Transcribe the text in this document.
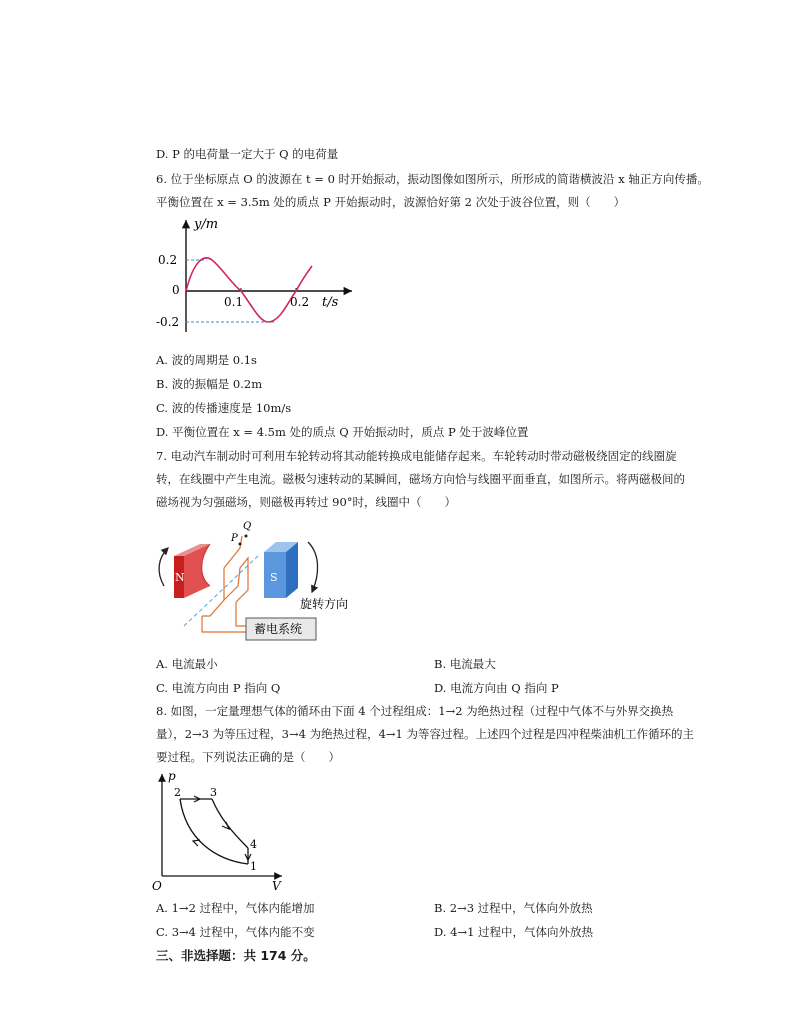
D. P 的电荷量一定大于 Q 的电荷量
6. 位于坐标原点 O 的波源在 t = 0 时开始振动，振动图像如图所示，所形成的简谐横波沿 x 轴正方向传播。
平衡位置在 x = 3.5m 处的质点 P 开始振动时，波源恰好第 2 次处于波谷位置，则（　　）
y/m
0.2
0
-0.2
0.1	0.2 t/s
A. 波的周期是 0.1s
B. 波的振幅是 0.2m
C. 波的传播速度是 10m/s
D. 平衡位置在 x = 4.5m 处的质点 Q 开始振动时，质点 P 处于波峰位置
7. 电动汽车制动时可利用车轮转动将其动能转换成电能储存起来。车轮转动时带动磁极绕固定的线圈旋
转，在线圈中产生电流。磁极匀速转动的某瞬间，磁场方向恰与线圈平面垂直，如图所示。将两磁极间的
磁场视为匀强磁场，则磁极再转过 90°时，线圈中（　　）
N	S
P
Q
旋转方向
蓄电系统
A. 电流最小	B. 电流最大
C. 电流方向由 P 指向 Q	D. 电流方向由 Q 指向 P
8. 如图，一定量理想气体的循环由下面 4 个过程组成：1→2 为绝热过程（过程中气体不与外界交换热
量），2→3 为等压过程，3→4 为绝热过程，4→1 为等容过程。上述四个过程是四冲程柴油机工作循环的主
要过程。下列说法正确的是（　　）
p
V
O
2	3
4
1
A. 1→2 过程中，气体内能增加	B. 2→3 过程中，气体向外放热
C. 3→4 过程中，气体内能不变	D. 4→1 过程中，气体向外放热
三、非选择题：共 174 分。
